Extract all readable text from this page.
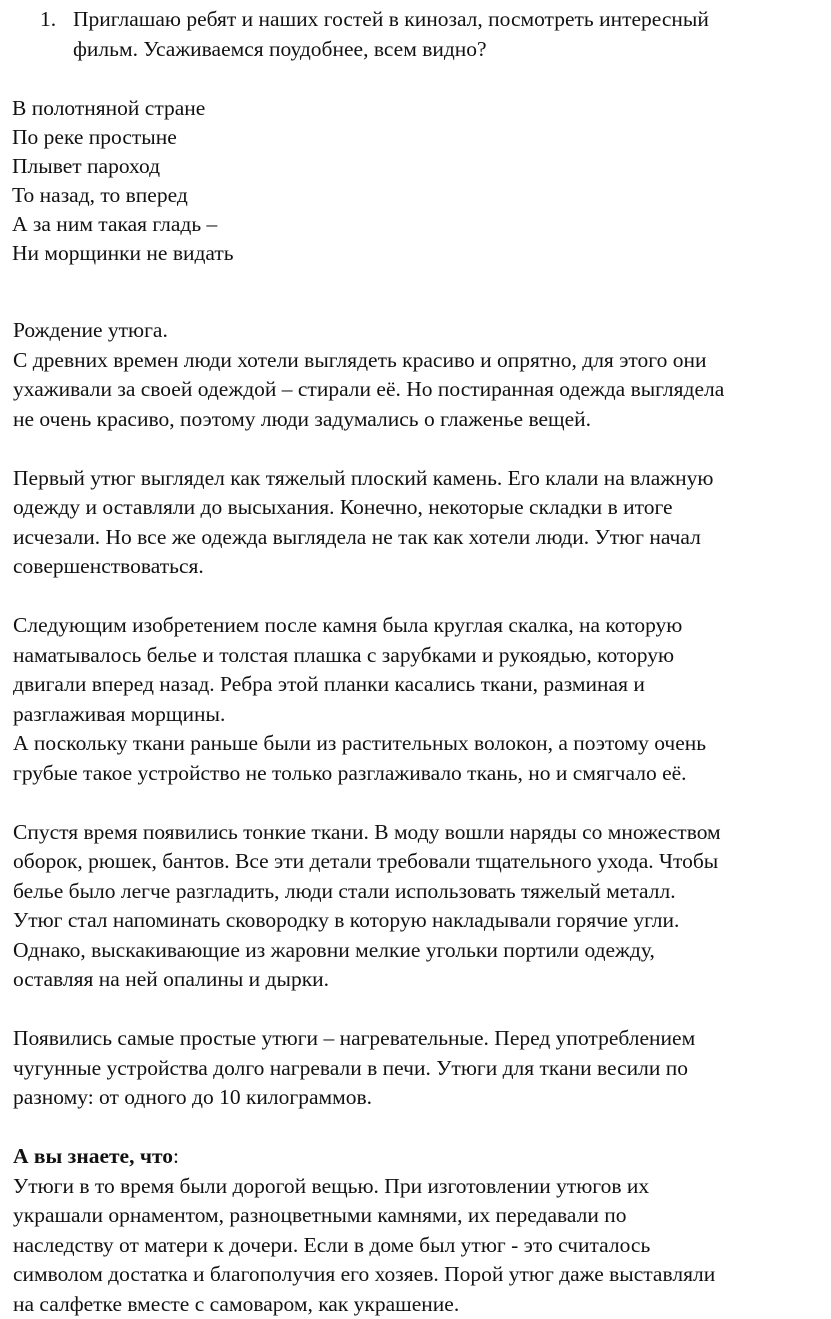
1. Приглашаю ребят и наших гостей в кинозал, посмотреть интересный
фильм. Усаживаемся поудобнее, всем видно?
В полотняной стране
По реке простыне
Плывет пароход
То назад, то вперед
А за ним такая гладь –
Ни морщинки не видать
Рождение утюга.
С древних времен люди хотели выглядеть красиво и опрятно, для этого они
ухаживали за своей одеждой – стирали её. Но постиранная одежда выглядела
не очень красиво, поэтому люди задумались о глаженье вещей.
Первый утюг выглядел как тяжелый плоский камень. Его клали на влажную
одежду и оставляли до высыхания. Конечно, некоторые складки в итоге
исчезали. Но все же одежда выглядела не так как хотели люди. Утюг начал
совершенствоваться.
Следующим изобретением после камня была круглая скалка, на которую
наматывалось белье и толстая плашка с зарубками и рукоядью, которую
двигали вперед назад. Ребра этой планки касались ткани, разминая и
разглаживая морщины.
А поскольку ткани раньше были из растительных волокон, а поэтому очень
грубые такое устройство не только разглаживало ткань, но и смягчало её.
Спустя время появились тонкие ткани. В моду вошли наряды со множеством
оборок, рюшек, бантов. Все эти детали требовали тщательного ухода. Чтобы
белье было легче разгладить, люди стали использовать тяжелый металл.
Утюг стал напоминать сковородку в которую накладывали горячие угли.
Однако, выскакивающие из жаровни мелкие угольки портили одежду,
оставляя на ней опалины и дырки.
Появились самые простые утюги – нагревательные. Перед употреблением
чугунные устройства долго нагревали в печи. Утюги для ткани весили по
разному: от одного до 10 килограммов.
А вы знаете, что:
Утюги в то время были дорогой вещью. При изготовлении утюгов их
украшали орнаментом, разноцветными камнями, их передавали по
наследству от матери к дочери. Если в доме был утюг - это считалось
символом достатка и благополучия его хозяев. Порой утюг даже выставляли
на салфетке вместе с самоваром, как украшение.
